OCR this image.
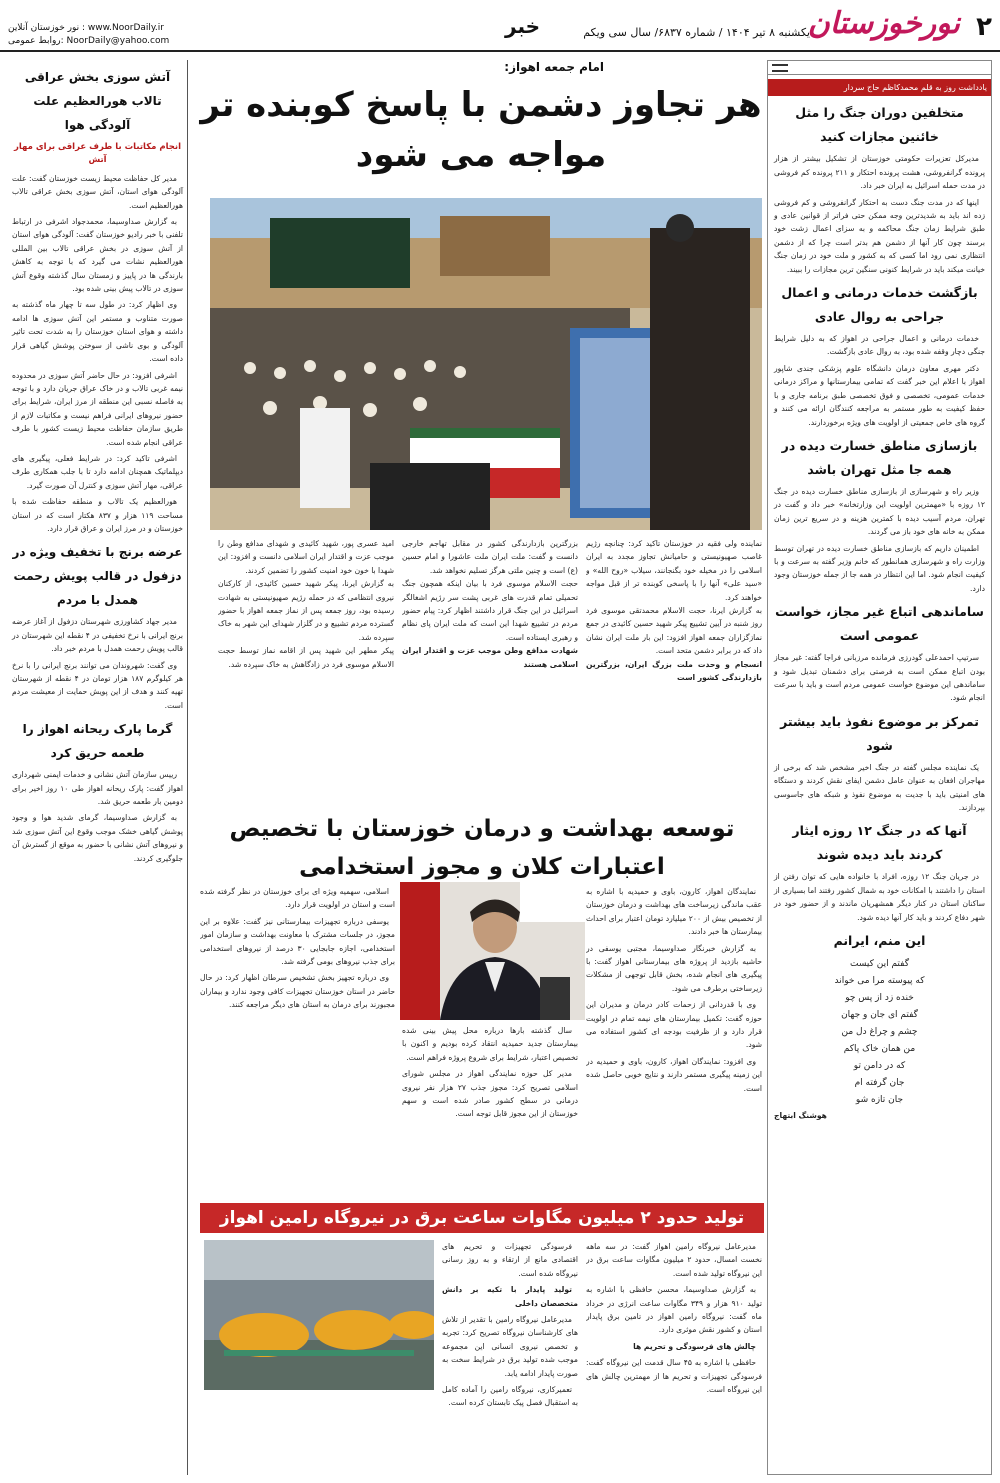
۲
نورخوزستان
یکشنبه ۸ تیر ۱۴۰۴ / شماره ۶۸۳۷/ سال سی ویکم
خبر
نور خوزستان آنلاین : www.NoorDaily.ir
روابط عمومی: NoorDaily@yahoo.com
یادداشت روز به قلم محمدکاظم حاج سردار
متخلفین دوران جنگ را مثل خائنین مجازات کنید

مدیرکل تعزیرات حکومتی خوزستان از تشکیل بیشتر از هزار پرونده گرانفروشی، هشت پرونده احتکار و ۲۱۱ پرونده کم فروشی در مدت حمله اسرائیل به ایران خبر داد.

اینها که در مدت جنگ دست به احتکار گرانفروشی و کم فروشی زده اند باید به شدیدترین وجه ممکن حتی فراتر از قوانین عادی و طبق شرایط زمان جنگ محاکمه و به سزای اعمال زشت خود برسند چون کار آنها از دشمن هم بدتر است چرا که از دشمن انتظاری نمی رود اما کسی که به کشور و ملت خود در زمان جنگ خیانت میکند باید در شرایط کنونی سنگین ترین مجازات را ببیند.

بازگشت خدمات درمانی و اعمال جراحی به روال عادی

خدمات درمانی و اعمال جراحی در اهواز که به دلیل شرایط جنگی دچار وقفه شده بود، به روال عادی بازگشت.

دکتر مهری معاون درمان دانشگاه علوم پزشکی جندی شاپور اهواز با اعلام این خبر گفت که تمامی بیمارستانها و مراکز درمانی خدمات عمومی، تخصصی و فوق تخصصی طبق برنامه جاری و با حفظ کیفیت به طور مستمر به مراجعه کنندگان ارائه می کنند و گروه های خاص جمعیتی از اولویت های ویژه برخوردارند.

بازسازی مناطق خسارت دیده در همه جا مثل تهران باشد

وزیر راه و شهرسازی از بازسازی مناطق خسارت دیده در جنگ ۱۲ روزه با «مهمترین اولویت این وزارتخانه» خبر داد و گفت در تهران، مردم آسیب دیده با کمترین هزینه و در سریع ترین زمان ممکن به خانه های خود باز می گردند.

اطمینان داریم که بازسازی مناطق خسارت دیده در تهران توسط وزارت راه و شهرسازی همانطور که خانم وزیر گفته به سرعت و با کیفیت انجام شود. اما این انتظار در همه جا از جمله خوزستان وجود دارد.

ساماندهی اتباع غیر مجاز، خواست عمومی است

سرتیپ احمدعلی گودرزی فرمانده مرزبانی فراجا گفته: غیر مجاز بودن اتباع ممکن است به فرصتی برای دشمنان تبدیل شود و ساماندهی این موضوع خواست عمومی مردم است و باید با سرعت انجام شود.

تمرکز بر موضوع نفوذ باید بیشتر شود

یک نماینده مجلس گفته در جنگ اخیر مشخص شد که برخی از مهاجران افغان به عنوان عامل دشمن ایفای نقش کردند و دستگاه های امنیتی باید با جدیت به موضوع نفوذ و شبکه های جاسوسی بپردازند.

آنها که در جنگ ۱۲ روزه ایثار کردند باید دیده شوند

در جریان جنگ ۱۲ روزه، افراد با خانواده هایی که توان رفتن از استان را داشتند با امکانات خود به شمال کشور رفتند اما بسیاری از ساکنان استان در کنار دیگر همشهریان ماندند و از حضور خود در شهر دفاع کردند و باید کار آنها دیده شود.

این منم، ایرانم
گفتم این کیست
که پیوسته مرا می خواند
خنده زد از پس چو
گفتم ای جان و جهان
چشم و چراغ دل من
من همان خاک پاکم
که در دامن تو
جان گرفته ام
جان تازه شو
هوشنگ ابتهاج
آتش سوزی بخش عراقی تالاب هورالعظیم علت آلودگی هوا
انجام مکاتبات با طرف عراقی برای مهار آتش

مدیر کل حفاظت محیط زیست خوزستان گفت: علت آلودگی هوای استان، آتش سوزی بخش عراقی تالاب هورالعظیم است.

به گزارش صداوسیما، محمدجواد اشرفی در ارتباط تلفنی با خبر رادیو خوزستان گفت: آلودگی هوای استان از آتش سوزی در بخش عراقی تالاب بین المللی هورالعظیم نشات می گیرد که با توجه به کاهش بارندگی ها در پاییز و زمستان سال گذشته وقوع آتش سوزی در تالاب پیش بینی شده بود.

وی اظهار کرد: در طول سه تا چهار ماه گذشته به صورت متناوب و مستمر این آتش سوزی ها ادامه داشته و هوای استان خوزستان را به شدت تحت تاثیر آلودگی و بوی ناشی از سوختن پوشش گیاهی قرار داده است.

اشرفی افزود: در حال حاضر آتش سوزی در محدوده نیمه غربی تالاب و در خاک عراق جریان دارد و با توجه به فاصله نسبی این منطقه از مرز ایران، شرایط برای حضور نیروهای ایرانی فراهم نیست و مکاتبات لازم از طریق سازمان حفاظت محیط زیست کشور با طرف عراقی انجام شده است.

اشرفی تاکید کرد: در شرایط فعلی، پیگیری های دیپلماتیک همچنان ادامه دارد تا با جلب همکاری طرف عراقی، مهار آتش سوزی و کنترل آن صورت گیرد.

هورالعظیم یک تالاب و منطقه حفاظت شده با مساحت ۱۱۹ هزار و ۸۳۷ هکتار است که در استان خوزستان و در مرز ایران و عراق قرار دارد.

عرضه برنج با تخفیف ویژه در دزفول در قالب پویش رحمت همدل با مردم

مدیر جهاد کشاورزی شهرستان دزفول از آغاز عرضه برنج ایرانی با نرخ تخفیفی در ۴ نقطه این شهرستان در قالب پویش رحمت همدل با مردم خبر داد.

وی گفت: شهروندان می توانند برنج ایرانی را با نرخ هر کیلوگرم ۱۸۷ هزار تومان در ۴ نقطه از شهرستان تهیه کنند و هدف از این پویش حمایت از معیشت مردم است.

گرما پارک ریحانه اهواز را طعمه حریق کرد

رییس سازمان آتش نشانی و خدمات ایمنی شهرداری اهواز گفت: پارک ریحانه اهواز طی ۱۰ روز اخیر برای دومین بار طعمه حریق شد.

به گزارش صداوسیما، گرمای شدید هوا و وجود پوشش گیاهی خشک موجب وقوع این آتش سوزی شد و نیروهای آتش نشانی با حضور به موقع از گسترش آن جلوگیری کردند.

امام جمعه اهواز:
هر تجاوز دشمن با پاسخ کوبنده تر مواجه می شود

نماینده ولی فقیه در خوزستان تاکید کرد: چنانچه رژیم غاصب صهیونیستی و حامیانش تجاوز مجدد به ایران اسلامی را در مخیله خود بگنجانند، سیلاب «روح الله» و «سید علی» آنها را با پاسخی کوبنده تر از قبل مواجه خواهند کرد.

به گزارش ایرنا، حجت الاسلام محمدتقی موسوی فرد روز شنبه در آیین تشییع پیکر شهید حسین کائیدی در جمع نمازگزاران جمعه اهواز افزود: این بار ملت ایران نشان داد که در برابر دشمن متحد است.

انسجام و وحدت ملت بزرگ ایران، بزرگترین بازدارندگی کشور است

بزرگترین بازدارندگی کشور در مقابل تهاجم خارجی دانست و گفت: ملت ایران ملت عاشورا و امام حسین (ع) است و چنین ملتی هرگز تسلیم نخواهد شد.

حجت الاسلام موسوی فرد با بیان اینکه همچون جنگ تحمیلی تمام قدرت های غربی پشت سر رژیم اشغالگر اسرائیل در این جنگ قرار داشتند اظهار کرد: پیام حضور مردم در تشییع شهدا این است که ملت ایران پای نظام و رهبری ایستاده است.

شهادت مدافع وطن موجب عزت و اقتدار ایران اسلامی هستند

امید عسری پور، شهید کائیدی و شهدای مدافع وطن را موجب عزت و اقتدار ایران اسلامی دانست و افزود: این شهدا با خون خود امنیت کشور را تضمین کردند.

به گزارش ایرنا، پیکر شهید حسین کائیدی، از کارکنان نیروی انتظامی که در حمله رژیم صهیونیستی به شهادت رسیده بود، روز جمعه پس از نماز جمعه اهواز با حضور گسترده مردم تشییع و در گلزار شهدای این شهر به خاک سپرده شد.

پیکر مطهر این شهید پس از اقامه نماز توسط حجت الاسلام موسوی فرد در زادگاهش به خاک سپرده شد.

توسعه بهداشت و درمان خوزستان با تخصیص اعتبارات کلان و مجوز استخدامی

نمایندگان اهواز، کارون، باوی و حمیدیه با اشاره به عقب ماندگی زیرساخت های بهداشت و درمان خوزستان از تخصیص بیش از ۲۰۰ میلیارد تومان اعتبار برای احداث بیمارستان ها خبر دادند.

به گزارش خبرنگار صداوسیما، مجتبی یوسفی در حاشیه بازدید از پروژه های بیمارستانی اهواز گفت: با پیگیری های انجام شده، بخش قابل توجهی از مشکلات زیرساختی برطرف می شود.

وی با قدردانی از زحمات کادر درمان و مدیران این حوزه گفت: تکمیل بیمارستان های نیمه تمام در اولویت قرار دارد و از ظرفیت بودجه ای کشور استفاده می شود.

وی افزود: نمایندگان اهواز، کارون، باوی و حمیدیه در این زمینه پیگیری مستمر دارند و نتایج خوبی حاصل شده است.

سال گذشته بارها درباره محل پیش بینی شده بیمارستان جدید حمیدیه انتقاد کرده بودیم و اکنون با تخصیص اعتبار، شرایط برای شروع پروژه فراهم است.

مدیر کل حوزه نمایندگی اهواز در مجلس شورای اسلامی تصریح کرد: مجوز جذب ۲۷ هزار نفر نیروی درمانی در سطح کشور صادر شده است و سهم خوزستان از این مجوز قابل توجه است.

اسلامی، سهمیه ویژه ای برای خوزستان در نظر گرفته شده است و استان در اولویت قرار دارد.

یوسفی درباره تجهیزات بیمارستانی نیز گفت: علاوه بر این مجوز، در جلسات مشترک با معاونت بهداشت و سازمان امور استخدامی، اجازه جابجایی ۳۰ درصد از نیروهای استخدامی برای جذب نیروهای بومی گرفته شد.

وی درباره تجهیز بخش تشخیص سرطان اظهار کرد: در حال حاضر در استان خوزستان تجهیزات کافی وجود ندارد و بیماران مجبورند برای درمان به استان های دیگر مراجعه کنند.

تولید حدود ۲ میلیون مگاوات ساعت برق در نیروگاه رامین اهواز

مدیرعامل نیروگاه رامین اهواز گفت: در سه ماهه نخست امسال، حدود ۲ میلیون مگاوات ساعت برق در این نیروگاه تولید شده است.

به گزارش صداوسیما، محسن حافظی با اشاره به تولید ۹۱۰ هزار و ۳۴۹ مگاوات ساعت انرژی در خرداد ماه گفت: نیروگاه رامین اهواز در تامین برق پایدار استان و کشور نقش موثری دارد.

چالش های فرسودگی و تحریم ها

حافظی با اشاره به ۴۵ سال قدمت این نیروگاه گفت: فرسودگی تجهیزات و تحریم ها از مهمترین چالش های این نیروگاه است.

فرسودگی تجهیزات و تحریم های اقتصادی مانع از ارتقاء و به روز رسانی نیروگاه شده است.

تولید پایدار با تکیه بر دانش متخصصان داخلی

مدیرعامل نیروگاه رامین با تقدیر از تلاش های کارشناسان نیروگاه تصریح کرد: تجربه و تخصص نیروی انسانی این مجموعه موجب شده تولید برق در شرایط سخت به صورت پایدار ادامه یابد.

تعمیرکاری، نیروگاه رامین را آماده کامل به استقبال فصل پیک تابستان کرده است.
